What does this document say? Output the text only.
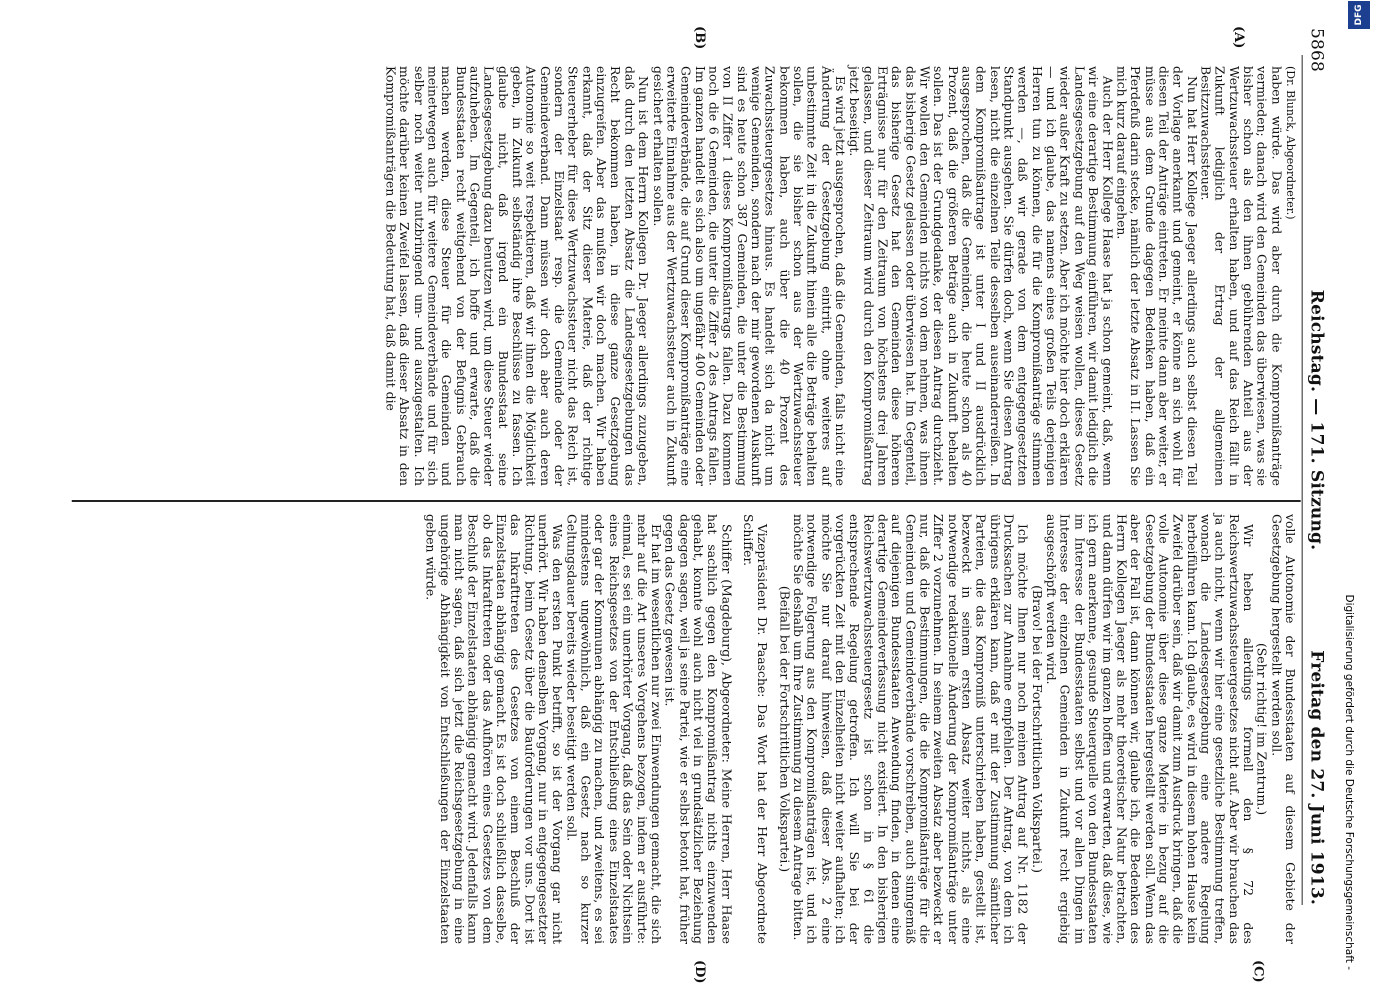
5868
Reichstag. — 171. Sitzung.
Freitag den 27. Juni 1913.
(A)
(B)
(C)
(D)

(Dr. Blunck, Abgeordneter.)

haben würde. Das wird aber durch die Kompromißanträge vermieden; danach wird den Gemeinden das überwiesen, was sie bisher schon als den ihnen gebührenden Anteil aus der Wertzuwachssteuer erhalten haben, und auf das Reich fällt in Zukunft lediglich der Ertrag der allgemeinen Besitzzuwachssteuer.

Nun hat Herr Kollege Jaeger allerdings auch selbst diesen Teil der Vorlage anerkannt und gemeint, er könne an sich wohl für diesen Teil der Anträge eintreten. Er meinte dann aber weiter, er müsse aus dem Grunde dagegen Bedenken haben, daß ein Pferdefuß darin stecke, nämlich der letzte Absatz in II. Lassen Sie mich kurz darauf eingehen.

Auch der Herr Kollege Haase hat ja schon gemeint, daß, wenn wir eine derartige Bestimmung einführen, wir damit lediglich die Landesgesetzgebung auf den Weg weisen wollen, dieses Gesetz wieder außer Kraft zu setzen. Aber ich möchte hier doch erklären — und ich glaube, das namens eines großen Teils derjenigen Herren tun zu können, die für die Kompromißanträge stimmen werden —, daß wir gerade von dem entgegengesetzten Standpunkt ausgehen. Sie dürfen doch, wenn Sie diesen Antrag lesen, nicht die einzelnen Teile desselben auseinanderreißen. In dem Kompromißantrage ist unter I und II ausdrücklich ausgesprochen, daß die Gemeinden, die heute schon als 40 Prozent, daß die größeren Beträge auch in Zukunft behalten sollen. Das ist der Grundgedanke, der diesen Antrag durchzieht. Wir wollen den Gemeinden nichts von dem nehmen, was ihnen das bisherige Gesetz gelassen oder überwiesen hat. Im Gegenteil, das bisherige Gesetz hat den Gemeinden diese höheren Erträgnisse nur für den Zeitraum von höchstens drei Jahren gelassen, und dieser Zeitraum wird durch den Kompromißantrag jetzt beseitigt.

Es wird jetzt ausgesprochen, daß die Gemeinden, falls nicht eine Änderung der Gesetzgebung eintritt, ohne weiteres auf unbestimmte Zeit in die Zukunft hinein alle die Beträge behalten sollen, die sie bisher schon aus der Wertzuwachssteuer bekommen haben, auch über die 40 Prozent des Zuwachssteuergesetzes hinaus. Es handelt sich da nicht um wenige Gemeinden, sondern nach der mir gewordenen Auskunft sind es heute schon 387 Gemeinden, die unter die Bestimmung von II Ziffer 1 dieses Kompromißantrags fallen. Dazu kommen noch die 6 Gemeinden, die unter die Ziffer 2 des Antrags fallen. Im ganzen handelt es sich also um ungefähr 400 Gemeinden oder Gemeindeverbände, die auf Grund dieser Kompromißanträge eine erweiterte Einnahme aus der Wertzuwachssteuer auch in Zukunft gesichert erhalten sollen.

Nun ist dem Herrn Kollegen Dr. Jaeger allerdings zuzugeben, daß durch den letzten Absatz die Landesgesetzgebungen das Recht bekommen haben, in diese ganze Gesetzgebung einzugreifen. Aber das mußten wir doch machen. Wir haben erkannt, daß der Sitz dieser Materie, daß der richtige Steuererheber für diese Wertzuwachssteuer nicht das Reich ist, sondern der Einzelstaat resp. die Gemeinde oder der Gemeindeverband. Dann müssen wir doch aber auch deren Autonomie so weit respektieren, daß wir ihnen die Möglichkeit geben, in Zukunft selbständig ihre Beschlüsse zu fassen. Ich glaube nicht, daß irgend ein Bundesstaat seine Landesgesetzgebung dazu benutzen wird, um diese Steuer wieder aufzuheben. Im Gegenteil, ich hoffe und erwarte, daß die Bundesstaaten recht weitgehend von der Befugnis Gebrauch machen werden, diese Steuer für die Gemeinden und meinetwegen auch für weitere Gemeindeverbände und für sich selber noch weiter nutzbringend um- und auszugestalten. Ich möchte darüber keinen Zweifel lassen, daß dieser Absatz in den Kompromißanträgen die Bedeutung hat, daß damit die

volle Autonomie der Bundesstaaten auf diesem Gebiete der Gesetzgebung hergestellt werden soll.

(Sehr richtig! im Zentrum.)

Wir heben allerdings formell den § 72 des Reichswertzuwachssteuergesetzes nicht auf. Aber wir brauchen das ja auch nicht, wenn wir hier eine gesetzliche Bestimmung treffen, wonach die Landesgesetzgebung eine andere Regelung herbeiführen kann. Ich glaube, es wird in diesem hohen Hause kein Zweifel darüber sein, daß wir damit zum Ausdruck bringen, daß die volle Autonomie über diese ganze Materie in bezug auf die Gesetzgebung der Bundesstaaten hergestellt werden soll. Wenn das aber der Fall ist, dann können wir, glaube ich, die Bedenken des Herrn Kollegen Jaeger als mehr theoretischer Natur betrachten, und dann dürfen wir im ganzen hoffen und erwarten, daß diese, wie ich gern anerkenne, gesunde Steuerquelle von den Bundesstaaten im Interesse der Bundesstaaten selbst und vor allen Dingen im Interesse der einzelnen Gemeinden in Zukunft recht ergiebig ausgeschöpft werden wird.

(Bravo! bei der Fortschrittlichen Volkspartei.)

Ich möchte Ihnen nur noch meinen Antrag auf Nr. 1182 der Drucksachen zur Annahme empfehlen. Der Antrag, von dem ich übrigens erklären kann, daß er mit der Zustimmung sämtlicher Parteien, die das Kompromiß unterschrieben haben, gestellt ist, bezweckt in seinem ersten Absatz weiter nichts, als eine notwendige redaktionelle Änderung der Kompromißanträge unter Ziffer 2 vorzunehmen. In seinem zweiten Absatz aber bezweckt er nur, daß die Bestimmungen, die die Kompromißanträge für die Gemeinden und Gemeindeverbände vorschreiben, auch sinngemäß auf diejenigen Bundesstaaten Anwendung finden, in denen eine derartige Gemeindeverfassung nicht existiert. In den bisherigen Reichswertzuwachssteuergesetz ist schon in § 61 die entsprechende Regelung getroffen. Ich will Sie bei der vorgerückten Zeit mit den Einzelheiten nicht weiter aufhalten; ich möchte Sie nur darauf hinweisen, daß dieser Abs. 2 eine notwendige Folgerung aus den Kompromißanträgen ist, und ich möchte Sie deshalb um Ihre Zustimmung zu diesem Antrage bitten.

(Beifall bei der Fortschrittlichen Volkspartei.)

Vizepräsident Dr. Paasche: Das Wort hat der Herr Abgeordnete Schiffer.

Schiffer (Magdeburg), Abgeordneter: Meine Herren, Herr Haase hat sachlich gegen den Kompromißantrag nichts einzuwenden gehabt, konnte wohl auch nicht viel in grundsätzlicher Beziehung dagegen sagen, weil ja seine Partei, wie er selbst betont hat, früher gegen das Gesetz gewesen ist.

Er hat im wesentlichen nur zwei Einwendungen gemacht, die sich mehr auf die Art unseres Vorgehens bezogen, indem er ausführte: einmal, es sei ein unerhörter Vorgang, daß das Sein oder Nichtsein eines Reichsgesetzes von der Entschließung eines Einzelstaates oder gar der Kommunen abhängig zu machen, und zweitens, es sei mindestens ungewöhnlich, daß ein Gesetz nach so kurzer Geltungsdauer bereits wieder beseitigt werden soll.

Was den ersten Punkt betrifft, so ist der Vorgang gar nicht unerhört. Wir haben denselben Vorgang, nur in entgegengesetzter Richtung, beim Gesetz über die Bauforderungen vor uns. Dort ist das Inkrafttreten des Gesetzes von einem Beschluß der Einzelstaaten abhängig gemacht. Es ist doch schließlich dasselbe, ob das Inkrafttreten oder das Aufhören eines Gesetzes von dem Beschluß der Einzelstaaten abhängig gemacht wird. Jedenfalls kann man nicht sagen, daß sich jetzt die Reichsgesetzgebung in eine ungehörige Abhängigkeit von Entschließungen der Einzelstaaten geben würde.

Digitalisierung gefördert durch die Deutsche Forschungsgemeinschaft -
DFG
